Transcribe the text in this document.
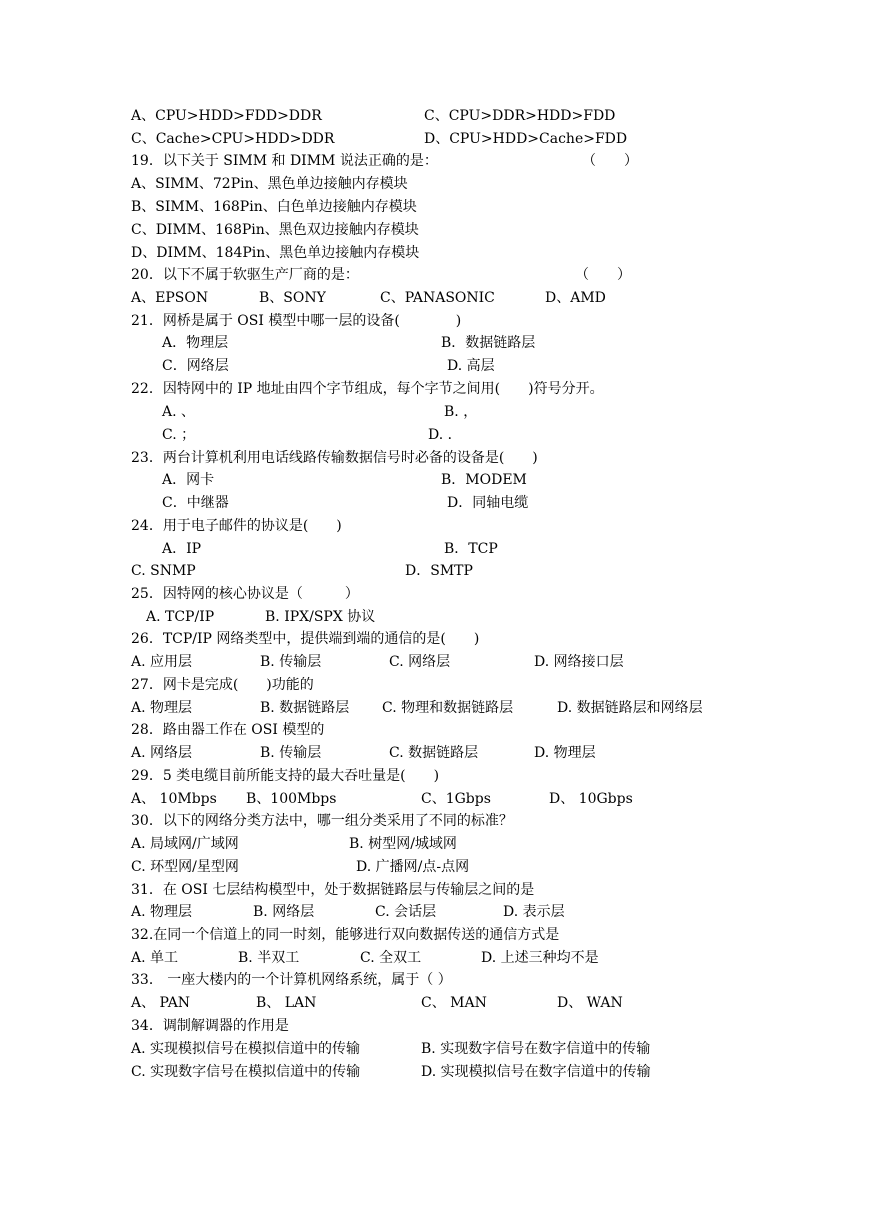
A、CPU>HDD>FDD>DDR	C、CPU>DDR>HDD>FDD
C、Cache>CPU>HDD>DDR	D、CPU>HDD>Cache>FDD
19．以下关于 SIMM 和 DIMM 说法正确的是：	（　　）
A、SIMM、72Pin、黑色单边接触内存模块
B、SIMM、168Pin、白色单边接触内存模块
C、DIMM、168Pin、黑色双边接触内存模块
D、DIMM、184Pin、黑色单边接触内存模块
20．以下不属于软驱生产厂商的是：	（　　）
A、EPSON	B、SONY	C、PANASONIC	D、AMD
21．网桥是属于 OSI 模型中哪一层的设备(　　　　)
A．物理层	B．数据链路层
C．网络层	D. 高层
22．因特网中的 IP 地址由四个字节组成，每个字节之间用(　　)符号分开。
A. 、	B. ，
C. ；	D. ．
23．两台计算机利用电话线路传输数据信号时必备的设备是(　　)
A．网卡	B．MODEM
C．中继器	D．同轴电缆
24．用于电子邮件的协议是(　　)
A．IP	B．TCP
C. SNMP	D．SMTP
25．因特网的核心协议是（　　　）
A. TCP/IP	B. IPX/SPX 协议
26．TCP/IP 网络类型中，提供端到端的通信的是(　　)
A. 应用层	B. 传输层	C. 网络层	D. 网络接口层
27．网卡是完成(　　)功能的
A. 物理层	B. 数据链路层 C. 物理和数据链路层	D. 数据链路层和网络层
28．路由器工作在 OSI 模型的
A. 网络层	B. 传输层	C. 数据链路层	D. 物理层
29．5 类电缆目前所能支持的最大吞吐量是(　　)
A、 10Mbps B、100Mbps	C、1Gbps	D、 10Gbps
30．以下的网络分类方法中，哪一组分类采用了不同的标准？
A. 局域网/广域网	B. 树型网/城域网
C. 环型网/星型网	D. 广播网/点-点网
31．在 OSI 七层结构模型中，处于数据链路层与传输层之间的是
A. 物理层	B. 网络层	C. 会话层	D. 表示层
32.在同一个信道上的同一时刻，能够进行双向数据传送的通信方式是
A. 单工	B. 半双工	C. 全双工	D. 上述三种均不是
33． 一座大楼内的一个计算机网络系统，属于（ ）
A、 PAN	B、 LAN	C、 MAN	D、 WAN
34．调制解调器的作用是
A. 实现模拟信号在模拟信道中的传输	B. 实现数字信号在数字信道中的传输
C. 实现数字信号在模拟信道中的传输	D. 实现模拟信号在数字信道中的传输
